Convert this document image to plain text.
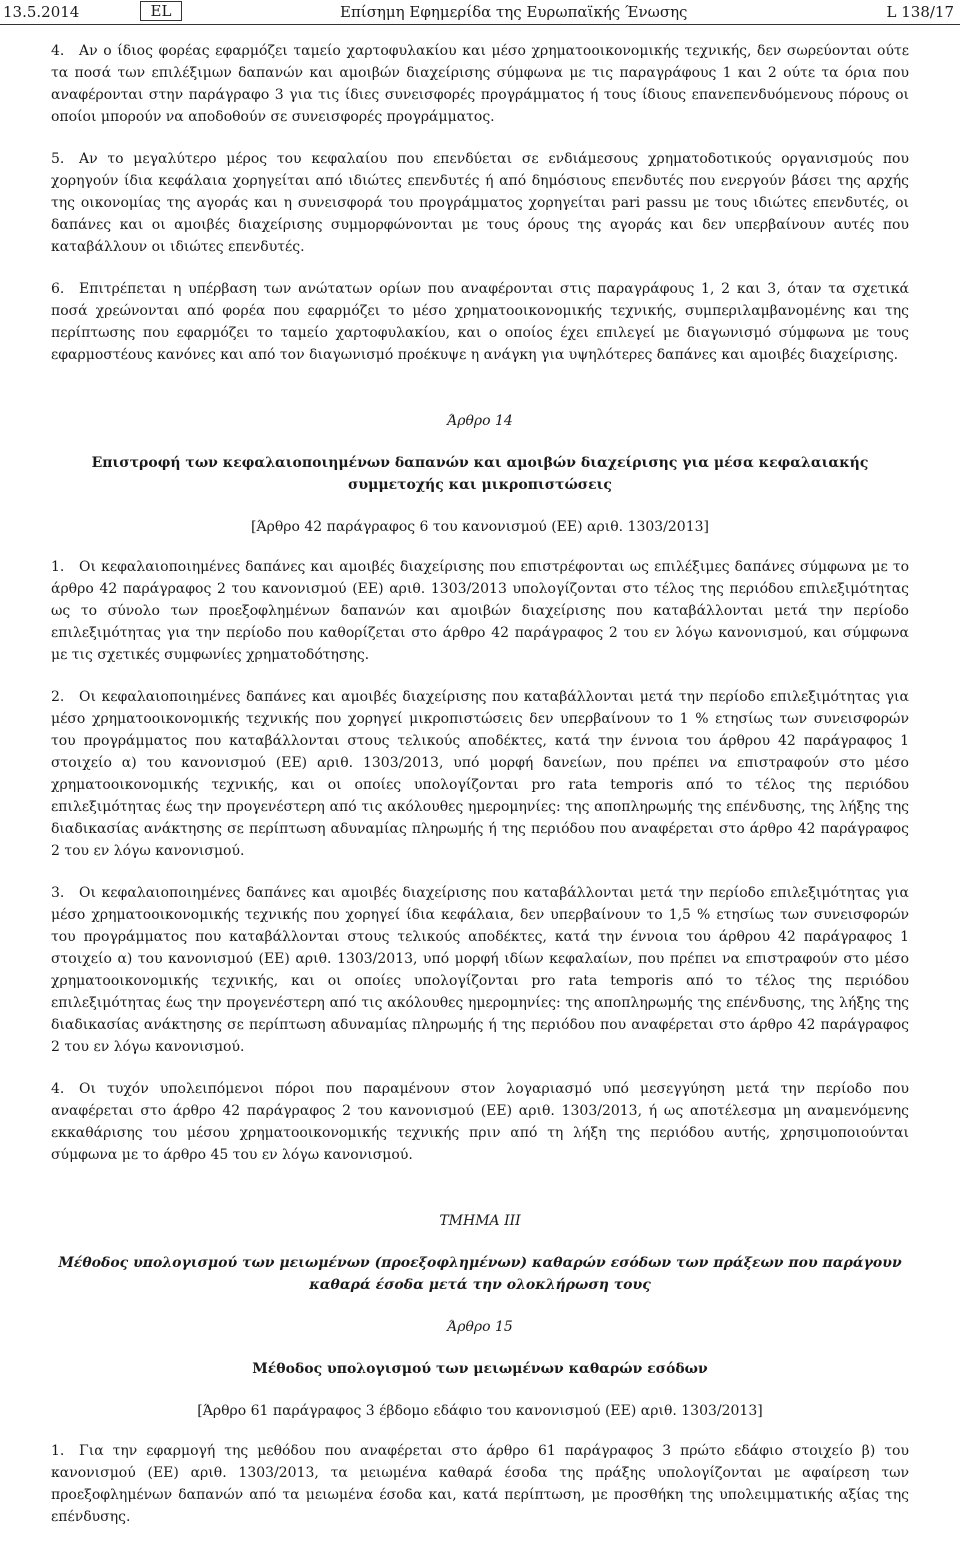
13.5.2014	EL	Επίσημη Εφημερίδα της Ευρωπαϊκής Ένωσης	L 138/17

4. Αν ο ίδιος φορέας εφαρμόζει ταμείο χαρτοφυλακίου και μέσο χρηματοοικονομικής τεχνικής, δεν σωρεύονται ούτε τα ποσά των επιλέξιμων δαπανών και αμοιβών διαχείρισης σύμφωνα με τις παραγράφους 1 και 2 ούτε τα όρια που αναφέρονται στην παράγραφο 3 για τις ίδιες συνεισφορές προγράμματος ή τους ίδιους επανεπενδυόμενους πόρους οι οποίοι μπορούν να αποδοθούν σε συνεισφορές προγράμματος.

5. Αν το μεγαλύτερο μέρος του κεφαλαίου που επενδύεται σε ενδιάμεσους χρηματοδοτικούς οργανισμούς που χορηγούν ίδια κεφάλαια χορηγείται από ιδιώτες επενδυτές ή από δημόσιους επενδυτές που ενεργούν βάσει της αρχής της οικονομίας της αγοράς και η συνεισφορά του προγράμματος χορηγείται pari passu με τους ιδιώτες επενδυτές, οι δαπάνες και οι αμοιβές διαχείρισης συμμορφώνονται με τους όρους της αγοράς και δεν υπερβαίνουν αυτές που καταβάλλουν οι ιδιώτες επενδυτές.

6. Επιτρέπεται η υπέρβαση των ανώτατων ορίων που αναφέρονται στις παραγράφους 1, 2 και 3, όταν τα σχετικά ποσά χρεώνονται από φορέα που εφαρμόζει το μέσο χρηματοοικονομικής τεχνικής, συμπεριλαμβανομένης και της περίπτωσης που εφαρμόζει το ταμείο χαρτοφυλακίου, και ο οποίος έχει επιλεγεί με διαγωνισμό σύμφωνα με τους εφαρμοστέους κανόνες και από τον διαγωνισμό προέκυψε η ανάγκη για υψηλότερες δαπάνες και αμοιβές διαχείρισης.

Άρθρο 14

Επιστροφή των κεφαλαιοποιημένων δαπανών και αμοιβών διαχείρισης για μέσα κεφαλαιακής συμμετοχής και μικροπιστώσεις

[Άρθρο 42 παράγραφος 6 του κανονισμού (ΕΕ) αριθ. 1303/2013]

1. Οι κεφαλαιοποιημένες δαπάνες και αμοιβές διαχείρισης που επιστρέφονται ως επιλέξιμες δαπάνες σύμφωνα με το άρθρο 42 παράγραφος 2 του κανονισμού (ΕΕ) αριθ. 1303/2013 υπολογίζονται στο τέλος της περιόδου επιλεξιμότητας ως το σύνολο των προεξοφλημένων δαπανών και αμοιβών διαχείρισης που καταβάλλονται μετά την περίοδο επιλεξιμότητας για την περίοδο που καθορίζεται στο άρθρο 42 παράγραφος 2 του εν λόγω κανονισμού, και σύμφωνα με τις σχετικές συμφωνίες χρηματοδότησης.

2. Οι κεφαλαιοποιημένες δαπάνες και αμοιβές διαχείρισης που καταβάλλονται μετά την περίοδο επιλεξιμότητας για μέσο χρηματοοικονομικής τεχνικής που χορηγεί μικροπιστώσεις δεν υπερβαίνουν το 1 % ετησίως των συνεισφορών του προγράμματος που καταβάλλονται στους τελικούς αποδέκτες, κατά την έννοια του άρθρου 42 παράγραφος 1 στοιχείο α) του κανονισμού (ΕΕ) αριθ. 1303/2013, υπό μορφή δανείων, που πρέπει να επιστραφούν στο μέσο χρηματοοικονομικής τεχνικής, και οι οποίες υπολογίζονται pro rata temporis από το τέλος της περιόδου επιλεξιμότητας έως την προγενέστερη από τις ακόλουθες ημερομηνίες: της αποπληρωμής της επένδυσης, της λήξης της διαδικασίας ανάκτησης σε περίπτωση αδυναμίας πληρωμής ή της περιόδου που αναφέρεται στο άρθρο 42 παράγραφος 2 του εν λόγω κανονισμού.

3. Οι κεφαλαιοποιημένες δαπάνες και αμοιβές διαχείρισης που καταβάλλονται μετά την περίοδο επιλεξιμότητας για μέσο χρηματοοικονομικής τεχνικής που χορηγεί ίδια κεφάλαια, δεν υπερβαίνουν το 1,5 % ετησίως των συνεισφορών του προγράμματος που καταβάλλονται στους τελικούς αποδέκτες, κατά την έννοια του άρθρου 42 παράγραφος 1 στοιχείο α) του κανονισμού (ΕΕ) αριθ. 1303/2013, υπό μορφή ιδίων κεφαλαίων, που πρέπει να επιστραφούν στο μέσο χρηματοοικονομικής τεχνικής, και οι οποίες υπολογίζονται pro rata temporis από το τέλος της περιόδου επιλεξιμότητας έως την προγενέστερη από τις ακόλουθες ημερομηνίες: της αποπληρωμής της επένδυσης, της λήξης της διαδικασίας ανάκτησης σε περίπτωση αδυναμίας πληρωμής ή της περιόδου που αναφέρεται στο άρθρο 42 παράγραφος 2 του εν λόγω κανονισμού.

4. Οι τυχόν υπολειπόμενοι πόροι που παραμένουν στον λογαριασμό υπό μεσεγγύηση μετά την περίοδο που αναφέρεται στο άρθρο 42 παράγραφος 2 του κανονισμού (ΕΕ) αριθ. 1303/2013, ή ως αποτέλεσμα μη αναμενόμενης εκκαθάρισης του μέσου χρηματοοικονομικής τεχνικής πριν από τη λήξη της περιόδου αυτής, χρησιμοποιούνται σύμφωνα με το άρθρο 45 του εν λόγω κανονισμού.

ΤΜΗΜΑ III

Μέθοδος υπολογισμού των μειωμένων (προεξοφλημένων) καθαρών εσόδων των πράξεων που παράγουν καθαρά έσοδα μετά την ολοκλήρωση τους

Άρθρο 15

Μέθοδος υπολογισμού των μειωμένων καθαρών εσόδων

[Άρθρο 61 παράγραφος 3 έβδομο εδάφιο του κανονισμού (ΕΕ) αριθ. 1303/2013]

1. Για την εφαρμογή της μεθόδου που αναφέρεται στο άρθρο 61 παράγραφος 3 πρώτο εδάφιο στοιχείο β) του κανονισμού (ΕΕ) αριθ. 1303/2013, τα μειωμένα καθαρά έσοδα της πράξης υπολογίζονται με αφαίρεση των προεξοφλημένων δαπανών από τα μειωμένα έσοδα και, κατά περίπτωση, με προσθήκη της υπολειμματικής αξίας της επένδυσης.
